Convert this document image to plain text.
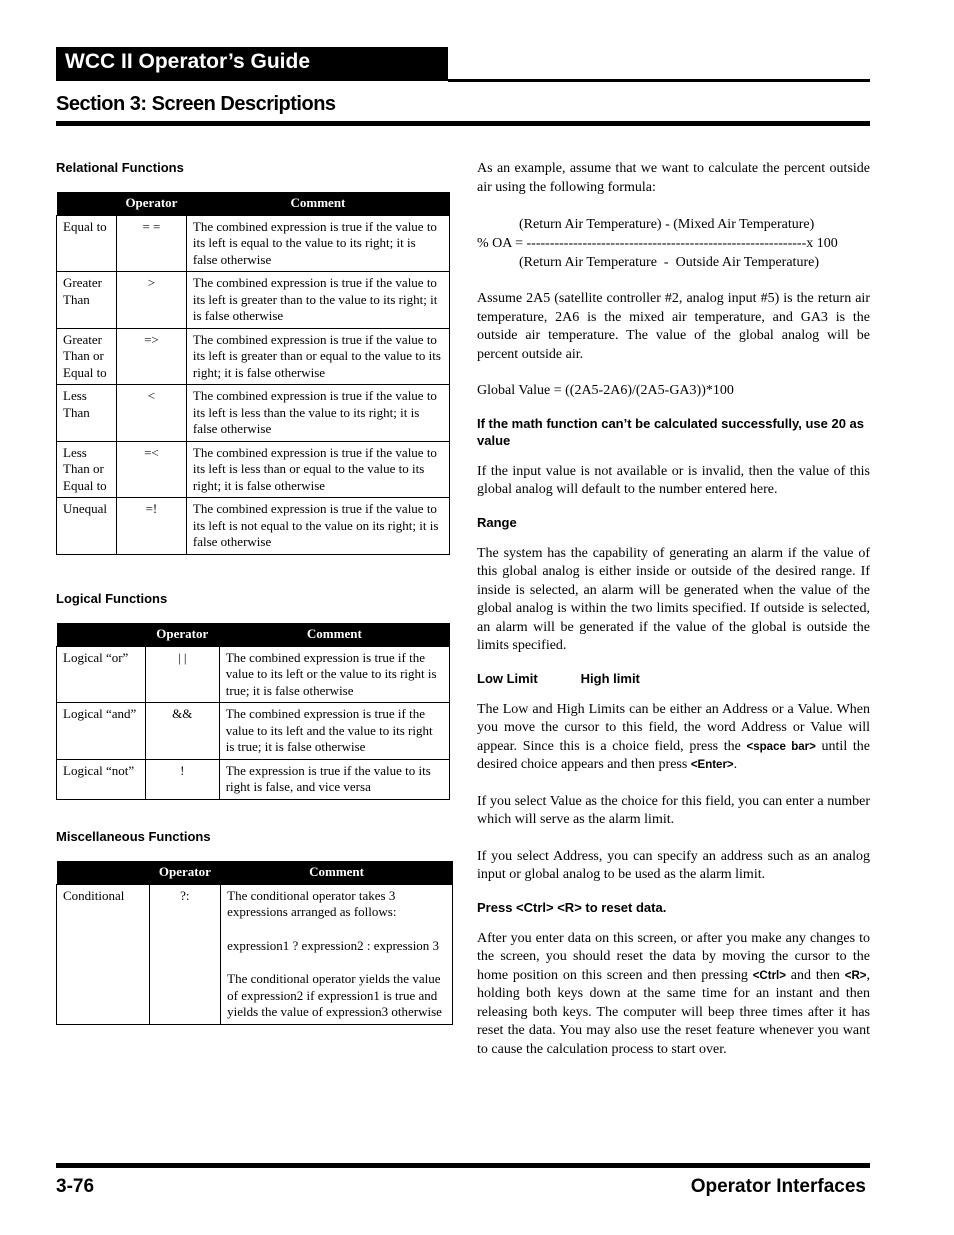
WCC II Operator’s Guide
Section 3: Screen Descriptions
Relational Functions
	Operator	Comment
Equal to	= =	The combined expression is true if the value to its left is equal to the value to its right; it is false otherwise
Greater Than	>	The combined expression is true if the value to its left is greater than to the value to its right; it is false otherwise
Greater Than or Equal to	=>	The combined expression is true if the value to its left is greater than or equal to the value to its right; it is false otherwise
Less Than	<	The combined expression is true if the value to its left is less than the value to its right; it is false otherwise
Less Than or Equal to	=<	The combined expression is true if the value to its left is less than or equal to the value to its right; it is false otherwise
Unequal	=!	The combined expression is true if the value to its left is not equal to the value on its right; it is false otherwise
Logical Functions
	Operator	Comment
Logical “or”	| |	The combined expression is true if the value to its left or the value to its right is true; it is false otherwise
Logical “and”	&&	The combined expression is true if the value to its left and the value to its right is true; it is false otherwise
Logical “not”	!	The expression is true if the value to its right is false, and vice versa
Miscellaneous Functions
	Operator	Comment
Conditional	?:	The conditional operator takes 3 expressions arranged as follows:
expression1 ? expression2 : expression 3
The conditional operator yields the value of expression2 if expression1 is true and yields the value of expression3 otherwise

As an example, assume that we want to calculate the percent outside air using the following formula:

(Return Air Temperature) - (Mixed Air Temperature)
% OA = ------------------------------------------------------------x 100
(Return Air Temperature  -  Outside Air Temperature)

Assume 2A5 (satellite controller #2, analog input #5) is the return air temperature, 2A6 is the mixed air temperature, and GA3 is the outside air temperature. The value of the global analog will be percent outside air.

Global Value = ((2A5-2A6)/(2A5-GA3))*100

If the math function can’t be calculated successfully, use 20 as value

If the input value is not available or is invalid, then the value of this global analog will default to the number entered here.

Range

The system has the capability of generating an alarm if the value of this global analog is either inside or outside of the desired range. If inside is selected, an alarm will be generated when the value of the global analog is within the two limits specified. If outside is selected, an alarm will be generated if the value of the global is outside the limits specified.

Low Limit	High limit

The Low and High Limits can be either an Address or a Value. When you move the cursor to this field, the word Address or Value will appear. Since this is a choice field, press the <space bar> until the desired choice appears and then press <Enter>.

If you select Value as the choice for this field, you can enter a number which will serve as the alarm limit.

If you select Address, you can specify an address such as an analog input or global analog to be used as the alarm limit.

Press <Ctrl> <R> to reset data.

After you enter data on this screen, or after you make any changes to the screen, you should reset the data by moving the cursor to the home position on this screen and then pressing <Ctrl> and then <R>, holding both keys down at the same time for an instant and then releasing both keys. The computer will beep three times after it has reset the data. You may also use the reset feature whenever you want to cause the calculation process to start over.

3-76	Operator Interfaces
